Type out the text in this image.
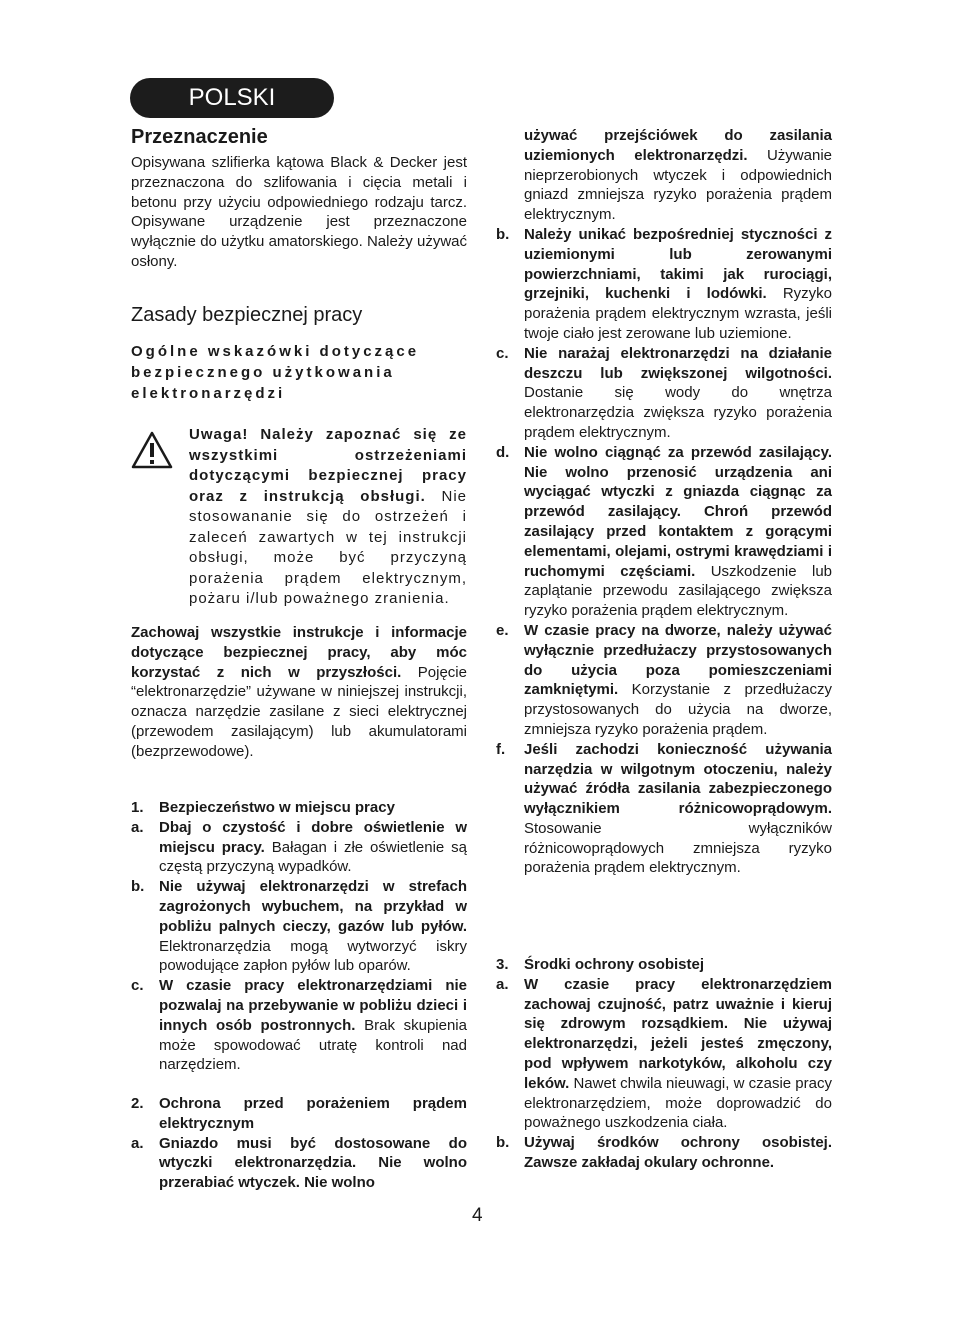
POLSKI

Przeznaczenie

Opisywana szlifierka kątowa Black & Decker jest przeznaczona do szlifowania i cięcia metali i betonu przy użyciu odpowiedniego rodzaju tarcz. Opisywane urządzenie jest przeznaczone wyłącznie do użytku amatorskiego. Należy używać osłony.

Zasady bezpiecznej pracy

Ogólne wskazówki dotyczące bezpiecznego użytkowania elektronarzędzi

Uwaga! Należy zapoznać się ze wszystkimi ostrzeżeniami dotyczącymi bezpiecznej pracy oraz z instrukcją obsługi. Nie stosowananie się do ostrzeżeń i zaleceń zawartych w tej instrukcji obsługi, może być przyczyną porażenia prądem elektrycznym, pożaru i/lub poważnego zranienia.

Zachowaj wszystkie instrukcje i informacje dotyczące bezpiecznej pracy, aby móc korzystać z nich w przyszłości. Pojęcie “elektronarzędzie” używane w niniejszej instrukcji, oznacza narzędzie zasilane z sieci elektrycznej (przewodem zasilającym) lub akumulatorami (bezprzewodowe).

1.	Bezpieczeństwo w miejscu pracy
a.	Dbaj o czystość i dobre oświetlenie w miejscu pracy. Bałagan i złe oświetlenie są częstą przyczyną wypadków.
b. Nie używaj elektronarzędzi w strefach zagrożonych wybuchem, na przykład w pobliżu palnych cieczy, gazów lub pyłów. Elektronarzędzia mogą wytworzyć iskry powodujące zapłon pyłów lub oparów.
c.	W czasie pracy elektronarzędziami nie pozwalaj na przebywanie w pobliżu dzieci i innych osób postronnych. Brak skupienia może spowodować utratę kontroli nad narzędziem.
2.	Ochrona przed porażeniem prądem elektrycznym
a.	Gniazdo musi być dostosowane do wtyczki elektronarzędzia. Nie wolno przerabiać wtyczek. Nie wolno
używać przejściówek do zasilania uziemionych elektronarzędzi. Używanie nieprzerobionych wtyczek i odpowiednich gniazd zmniejsza ryzyko porażenia prądem elektrycznym.
b. Należy unikać bezpośredniej styczności z uziemionymi lub zerowanymi powierzchniami, takimi jak rurociągi, grzejniki, kuchenki i lodówki. Ryzyko porażenia prądem elektrycznym wzrasta, jeśli twoje ciało jest zerowane lub uziemione.
c.	Nie narażaj elektronarzędzi na działanie deszczu lub zwiększonej wilgotności. Dostanie się wody do wnętrza elektronarzędzia zwiększa ryzyko porażenia prądem elektrycznym.
d. Nie wolno ciągnąć za przewód zasilający. Nie wolno przenosić urządzenia ani wyciągać wtyczki z gniazda ciągnąc za przewód zasilający. Chroń przewód zasilający przed kontaktem z gorącymi elementami, olejami, ostrymi krawędziami i ruchomymi częściami. Uszkodzenie lub zaplątanie przewodu zasilającego zwiększa ryzyko porażenia prądem elektrycznym.
e.	W czasie pracy na dworze, należy używać wyłącznie przedłużaczy przystosowanych do użycia poza pomieszczeniami zamkniętymi. Korzystanie z przedłużaczy przystosowanych do użycia na dworze, zmniejsza ryzyko porażenia prądem.
f.	Jeśli zachodzi konieczność używania narzędzia w wilgotnym otoczeniu, należy używać źródła zasilania zabezpieczonego wyłącznikiem różnicowoprądowym. Stosowanie wyłączników różnicowoprądowych zmniejsza ryzyko porażenia prądem elektrycznym.
3.	Środki ochrony osobistej
a.	W czasie pracy elektronarzędziem zachowaj czujność, patrz uważnie i kieruj się zdrowym rozsądkiem. Nie używaj elektronarzędzi, jeżeli jesteś zmęczony, pod wpływem narkotyków, alkoholu czy leków. Nawet chwila nieuwagi, w czasie pracy elektronarzędziem, może doprowadzić do poważnego uszkodzenia ciała.
b. Używaj środków ochrony osobistej. Zawsze zakładaj okulary ochronne.
4
